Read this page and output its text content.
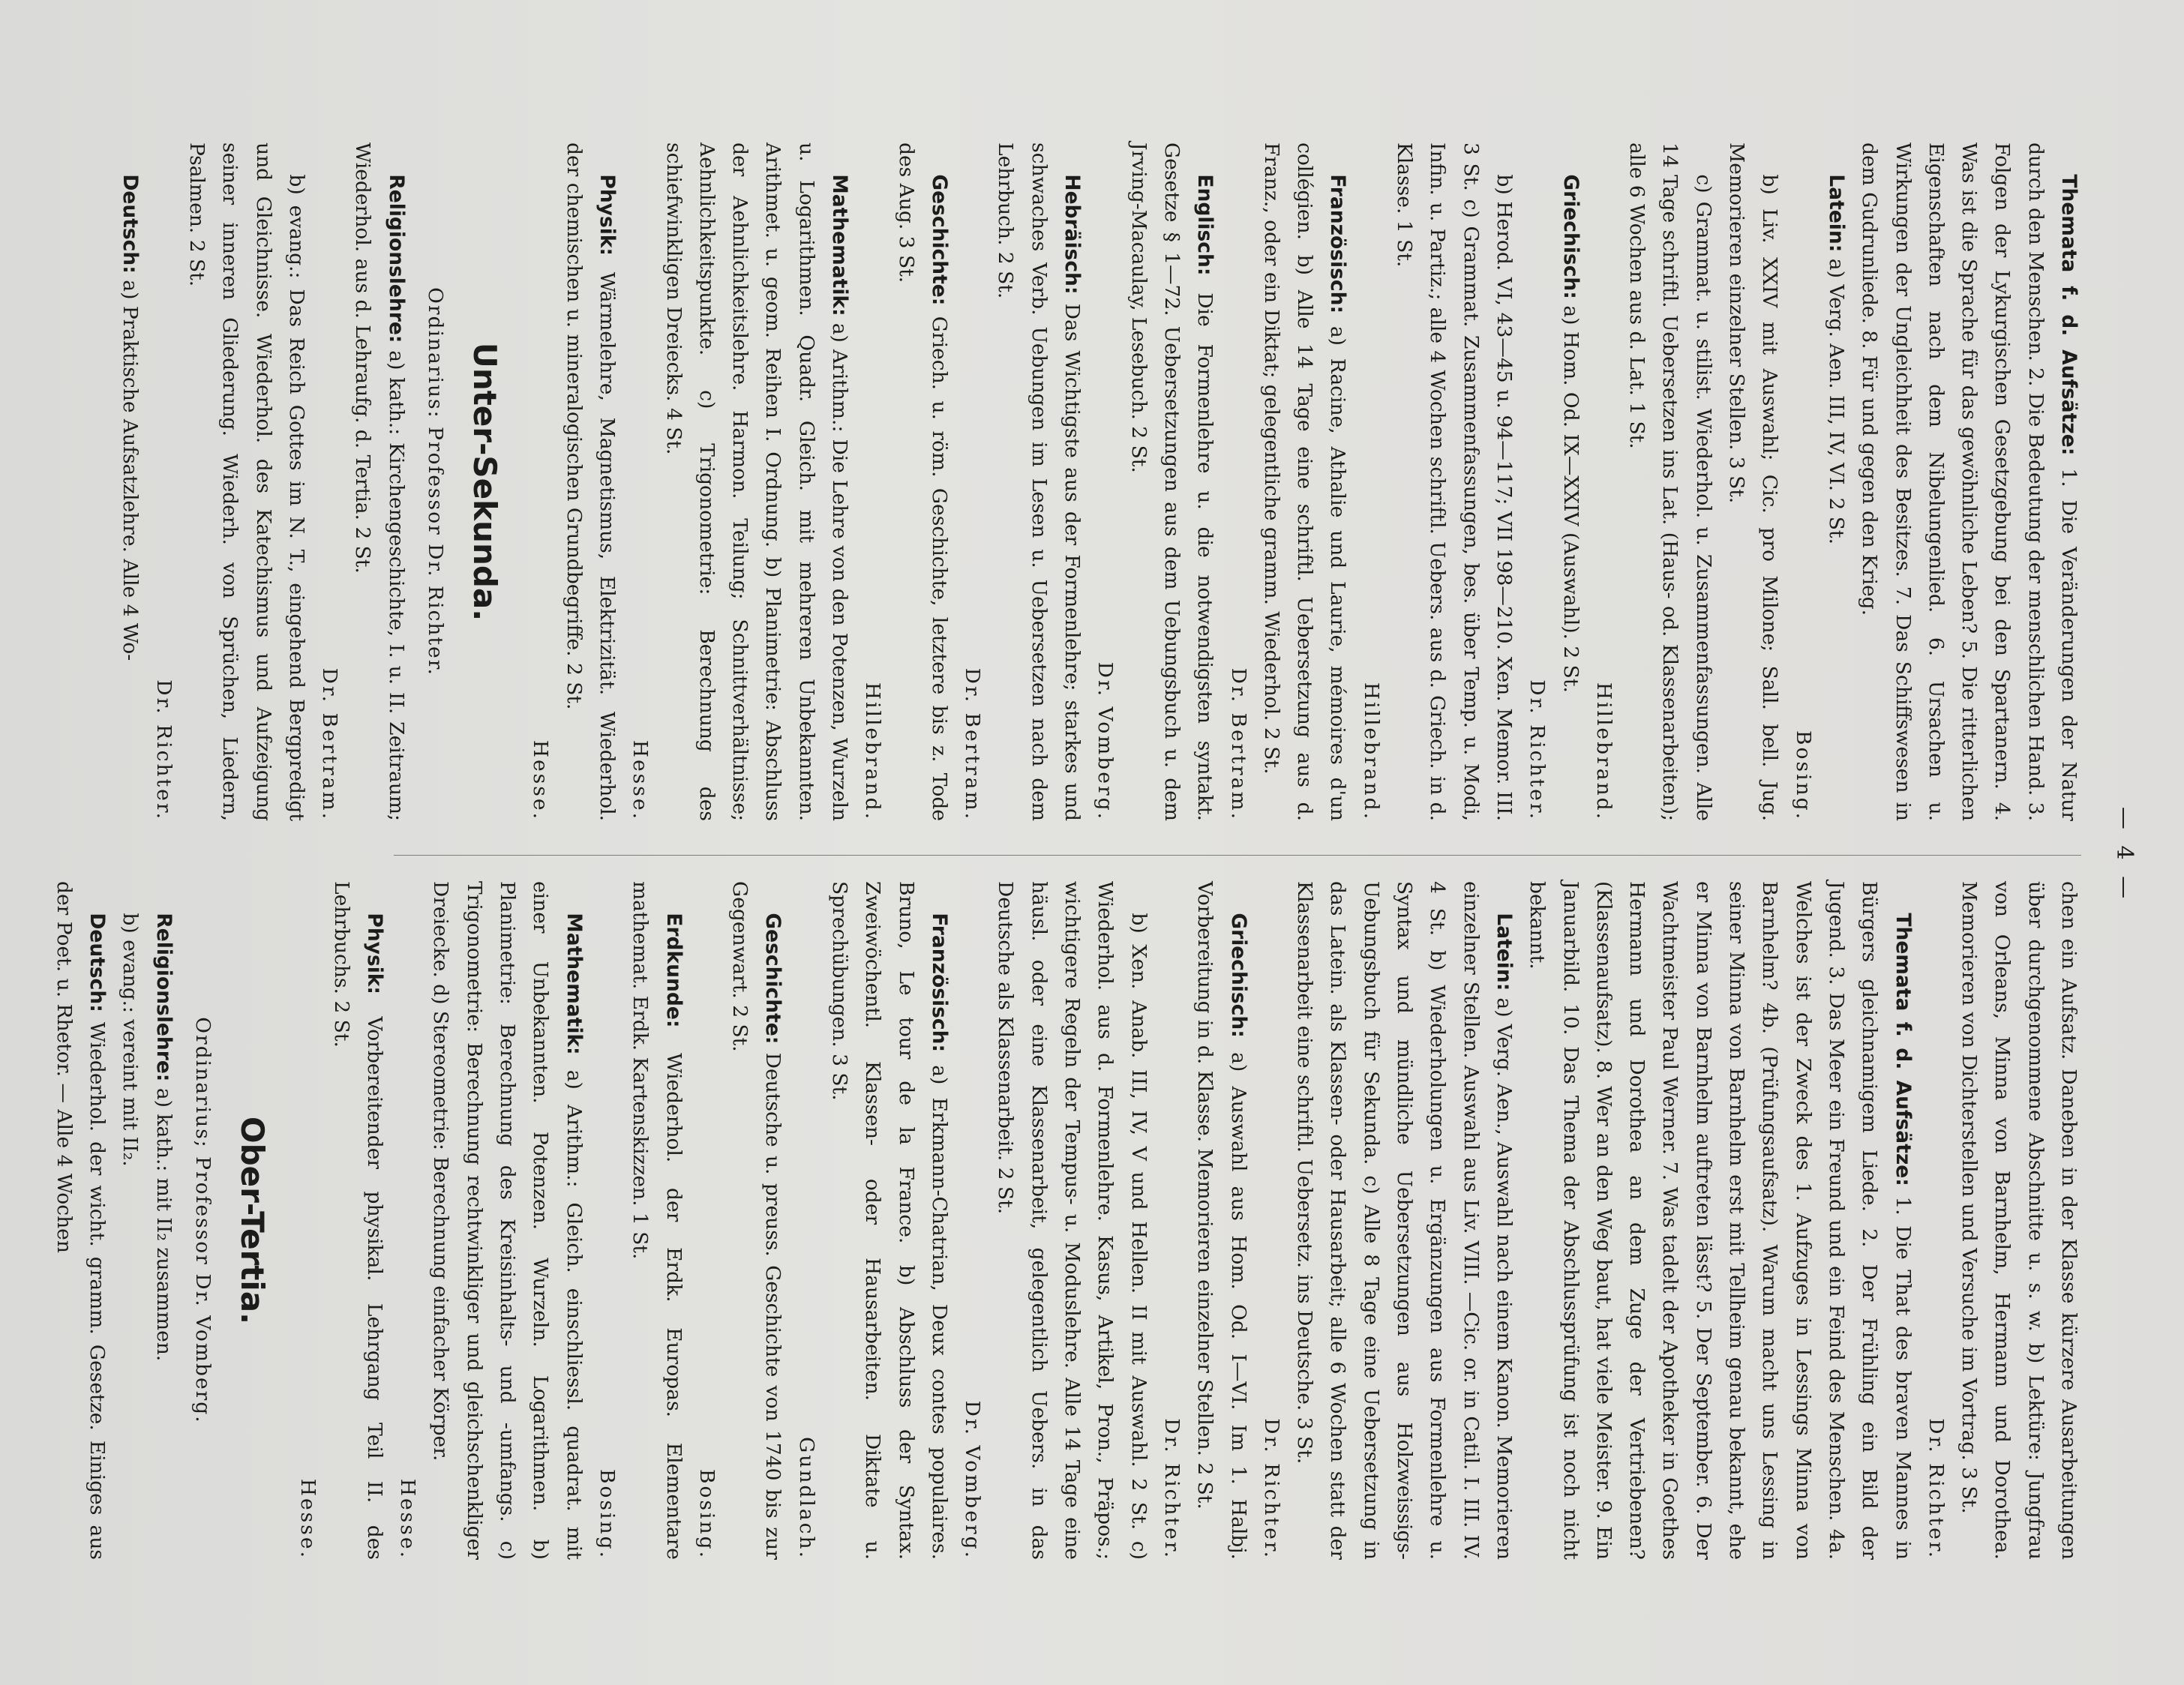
— 4 —

Themata f. d. Aufsätze: 1. Die Veränderungen der Natur durch den Menschen. 2. Die Bedeutung der menschlichen Hand. 3. Folgen der Lykurgischen Gesetzgebung bei den Spartanern. 4. Was ist die Sprache für das gewöhnliche Leben? 5. Die ritterlichen Eigenschaften nach dem Nibelungenlied. 6. Ursachen u. Wirkungen der Ungleichheit des Besitzes. 7. Das Schiffswesen in dem Gudrunliede. 8. Für und gegen den Krieg.

Latein: a) Verg. Aen. III, IV, VI. 2 St.
Bosing.

b) Liv. XXIV mit Auswahl; Cic. pro Milone; Sall. bell. Jug. Memorieren einzelner Stellen. 3 St.

c) Grammat. u. stilist. Wiederhol. u. Zusammenfassungen. Alle 14 Tage schriftl. Uebersetzen ins Lat. (Haus- od. Klassenarbeiten); alle 6 Wochen aus d. Lat. 1 St.
Hillebrand.

Griechisch: a) Hom. Od. IX—XXIV (Auswahl). 2 St.
Dr. Richter.

b) Herod. VI, 43—45 u. 94—117; VII 198—210. Xen. Memor. III. 3 St. c) Grammat. Zusammenfassungen, bes. über Temp. u. Modi, Infin. u. Partiz.; alle 4 Wochen schriftl. Uebers. aus d. Griech. in d. Klasse. 1 St.
Hillebrand.

Französisch: a) Racine, Athalie und Laurie, mémoires d'un collégien. b) Alle 14 Tage eine schriftl. Uebersetzung aus d. Franz., oder ein Diktat; gelegentliche gramm. Wiederhol. 2 St.
Dr. Bertram.

Englisch: Die Formenlehre u. die notwendigsten syntakt. Gesetze § 1—72. Uebersetzungen aus dem Uebungsbuch u. dem Jrving-Macaulay, Lesebuch. 2 St.
Dr. Vomberg.

Hebräisch: Das Wichtigste aus der Formenlehre; starkes und schwaches Verb. Uebungen im Lesen u. Uebersetzen nach dem Lehrbuch. 2 St.
Dr. Bertram.

Geschichte: Griech. u. röm. Geschichte, letztere bis z. Tode des Aug. 3 St.
Hillebrand.

Mathematik: a) Arithm.: Die Lehre von den Potenzen, Wurzeln u. Logarithmen. Quadr. Gleich. mit mehreren Unbekannten. Arithmet. u. geom. Reihen I. Ordnung. b) Planimetrie: Abschluss der Aehnlichkeitslehre. Harmon. Teilung; Schnittverhältnisse; Aehnlichkeitspunkte. c) Trigonometrie: Berechnung des schiefwinkligen Dreiecks. 4 St.
Hesse.

Physik: Wärmelehre, Magnetismus, Elektrizität. Wiederhol. der chemischen u. mineralogischen Grundbegriffe. 2 St.
Hesse.

Unter-Sekunda.
Ordinarius: Professor Dr. Richter.

Religionslehre: a) kath.: Kirchengeschichte, I. u. II. Zeitraum; Wiederhol. aus d. Lehraufg. d. Tertia. 2 St.
Dr. Bertram.

b) evang.: Das Reich Gottes im N. T., eingehend Bergpredigt und Gleichnisse. Wiederhol. des Katechismus und Aufzeigung seiner inneren Gliederung. Wiederh. von Sprüchen, Liedern, Psalmen. 2 St.
Dr. Richter.

Deutsch: a) Praktische Aufsatzlehre. Alle 4 Wo-

chen ein Aufsatz. Daneben in der Klasse kürzere Ausarbeitungen über durchgenommene Abschnitte u. s. w. b) Lektüre: Jungfrau von Orleans, Minna von Barnhelm, Hermann und Dorothea. Memorieren von Dichterstellen und Versuche im Vortrag. 3 St.
Dr. Richter.

Themata f. d. Aufsätze: 1. Die That des braven Mannes in Bürgers gleichnamigem Liede. 2. Der Frühling ein Bild der Jugend. 3. Das Meer ein Freund und ein Feind des Menschen. 4a. Welches ist der Zweck des 1. Aufzuges in Lessings Minna von Barnhelm? 4b. (Prüfungsaufsatz). Warum macht uns Lessing in seiner Minna von Barnhelm erst mit Tellheim genau bekannt, ehe er Minna von Barnhelm auftreten lässt? 5. Der September. 6. Der Wachtmeister Paul Werner. 7. Was tadelt der Apotheker in Goethes Hermann und Dorothea an dem Zuge der Vertriebenen? (Klassenaufsatz). 8. Wer an den Weg baut, hat viele Meister. 9. Ein Januarbild. 10. Das Thema der Abschlussprüfung ist noch nicht bekannt.

Latein: a) Verg. Aen., Auswahl nach einem Kanon. Memorieren einzelner Stellen. Auswahl aus Liv. VIII. —Cic. or. in Catil. I. III. IV. 4 St. b) Wiederholungen u. Ergänzungen aus Formenlehre u. Syntax und mündliche Uebersetzungen aus Holzweissigs-Uebungsbuch für Sekunda. c) Alle 8 Tage eine Uebersetzung in das Latein. als Klassen- oder Hausarbeit; alle 6 Wochen statt der Klassenarbeit eine schriftl. Uebersetz. ins Deutsche. 3 St.
Dr. Richter.

Griechisch: a) Auswahl aus Hom. Od. I—VI. Im 1. Halbj. Vorbereitung in d. Klasse. Memorieren einzelner Stellen. 2 St.
Dr. Richter.

b) Xen. Anab. III, IV, V und Hellen. II mit Auswahl. 2 St. c) Wiederhol. aus d. Formenlehre. Kasus, Artikel, Pron., Präpos.; wichtigere Regeln der Tempus- u. Moduslehre. Alle 14 Tage eine häusl. oder eine Klassenarbeit, gelegentlich Uebers. in das Deutsche als Klassenarbeit. 2 St.
Dr. Vomberg.

Französisch: a) Erkmann-Chatrian, Deux contes populaires. Bruno, Le tour de la France. b) Abschluss der Syntax. Zweiwöchentl. Klassen- oder Hausarbeiten. Diktate u. Sprechübungen. 3 St.
Gundlach.

Geschichte: Deutsche u. preuss. Geschichte von 1740 bis zur Gegenwart. 2 St.
Bosing.

Erdkunde: Wiederhol. der Erdk. Europas. Elementare mathemat. Erdk. Kartenskizzen. 1 St.
Bosing.

Mathematik: a) Arithm.: Gleich. einschliessl. quadrat. mit einer Unbekannten. Potenzen. Wurzeln. Logarithmen. b) Planimetrie: Berechnung des Kreisinhalts- und -umfangs. c) Trigonometrie: Berechnung rechtwinkliger und gleichschenkliger Dreiecke. d) Stereometrie: Berechnung einfacher Körper.
Hesse.

Physik: Vorbereitender physikal. Lehrgang Teil II. des Lehrbuchs. 2 St.
Hesse.

Ober-Tertia.
Ordinarius; Professor Dr. Vomberg.

Religionslehre: a) kath.: mit II₂ zusammen.

b) evang.: vereint mit II₂.

Deutsch: Wiederhol. der wicht. gramm. Gesetze. Einiges aus der Poet. u. Rhetor. — Alle 4 Wochen
